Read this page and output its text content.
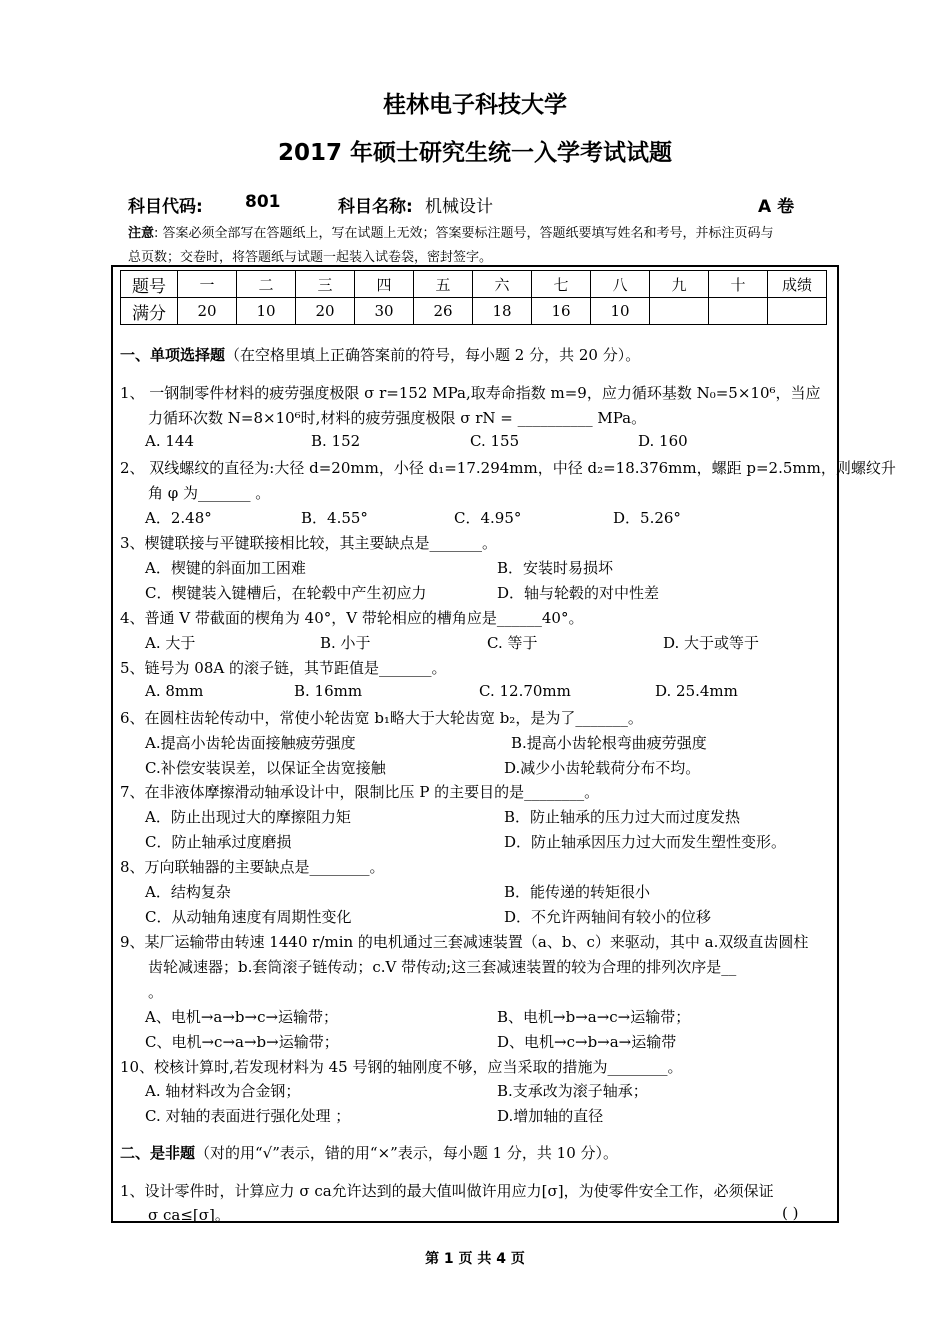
桂林电子科技大学
2017 年硕士研究生统一入学考试试题
科目代码: 801	科目名称: 机械设计	A 卷
注意: 答案必须全部写在答题纸上，写在试题上无效；答案要标注题号，答题纸要填写姓名和考号，并标注页码与
总页数；交卷时，将答题纸与试题一起装入试卷袋，密封签字。
题号	一	二	三	四	五	六	七	八	九	十	成绩
满分	20	10	20	30	26	18	16	10			
一、单项选择题（在空格里填上正确答案前的符号，每小题 2 分，共 20 分）。
1、 一钢制零件材料的疲劳强度极限 σ r=152 MPa,取寿命指数 m=9，应力循环基数 N₀=5×10⁶，当应
力循环次数 N=8×10⁶时,材料的疲劳强度极限 σ rN = __________ MPa。
A. 144	B. 152	C. 155	D. 160
2、 双线螺纹的直径为:大径 d=20mm，小径 d₁=17.294mm，中径 d₂=18.376mm，螺距 p=2.5mm，则螺纹升
角 φ 为_______ 。
A．2.48°	B．4.55°	C．4.95°	D．5.26°
3、楔键联接与平键联接相比较，其主要缺点是_______。
A．楔键的斜面加工困难	B．安装时易损坏
C．楔键装入键槽后，在轮毂中产生初应力	D．轴与轮毂的对中性差
4、普通 V 带截面的楔角为 40°，V 带轮相应的槽角应是______40°。
A. 大于	B. 小于	C. 等于	D. 大于或等于
5、链号为 08A 的滚子链，其节距值是_______。
A. 8mm	B. 16mm	C. 12.70mm	D. 25.4mm
6、在圆柱齿轮传动中，常使小轮齿宽 b₁略大于大轮齿宽 b₂，是为了_______。
A.提高小齿轮齿面接触疲劳强度	B.提高小齿轮根弯曲疲劳强度
C.补偿安装误差，以保证全齿宽接触	D.减少小齿轮载荷分布不均。
7、在非液体摩擦滑动轴承设计中，限制比压 P 的主要目的是________。
A．防止出现过大的摩擦阻力矩	B．防止轴承的压力过大而过度发热
C．防止轴承过度磨损	D．防止轴承因压力过大而发生塑性变形。
8、万向联轴器的主要缺点是________。
A．结构复杂	B．能传递的转矩很小
C．从动轴角速度有周期性变化	D．不允许两轴间有较小的位移
9、某厂运输带由转速 1440 r/min 的电机通过三套减速装置（a、b、c）来驱动，其中 a.双级直齿圆柱
齿轮减速器；b.套筒滚子链传动；c.V 带传动;这三套减速装置的较为合理的排列次序是__
。
A、电机→a→b→c→运输带；	B、电机→b→a→c→运输带；
C、电机→c→a→b→运输带；	D、电机→c→b→a→运输带
10、校核计算时,若发现材料为 45 号钢的轴刚度不够，应当采取的措施为________。
A. 轴材料改为合金钢；	B.支承改为滚子轴承；
C. 对轴的表面进行强化处理 ；	D.增加轴的直径
二、是非题（对的用“√”表示，错的用“×”表示，每小题 1 分，共 10 分）。
1、设计零件时，计算应力 σ ca允许达到的最大值叫做许用应力[σ]，为使零件安全工作，必须保证
σ ca≤[σ]。	( )
第 1 页 共 4 页
